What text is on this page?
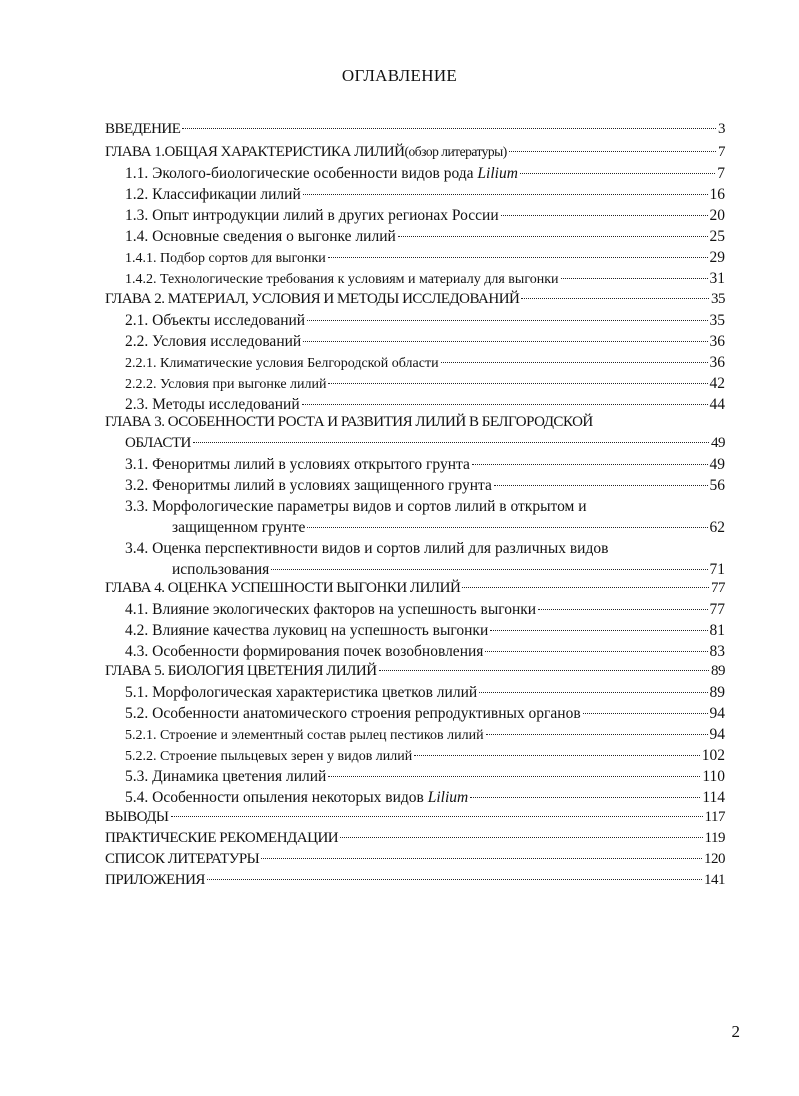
ОГЛАВЛЕНИЕ
ВВЕДЕНИЕ	3
ГЛАВА 1.ОБЩАЯ ХАРАКТЕРИСТИКА ЛИЛИЙ (обзор литературы)	7
1.1. Эколого-биологические особенности видов рода Lilium	7
1.2. Классификации лилий	16
1.3. Опыт интродукции лилий в других регионах России	20
1.4. Основные сведения о выгонке лилий	25
1.4.1. Подбор сортов для выгонки	29
1.4.2. Технологические требования к условиям и материалу для выгонки	31
ГЛАВА 2. МАТЕРИАЛ, УСЛОВИЯ И МЕТОДЫ ИССЛЕДОВАНИЙ	35
2.1. Объекты исследований	35
2.2. Условия исследований	36
2.2.1. Климатические условия Белгородской области	36
2.2.2. Условия при выгонке лилий	42
2.3. Методы исследований	44
ГЛАВА 3. ОСОБЕННОСТИ РОСТА И РАЗВИТИЯ ЛИЛИЙ В БЕЛГОРОДСКОЙ
ОБЛАСТИ	49
3.1. Феноритмы лилий в условиях открытого грунта	49
3.2. Феноритмы лилий в условиях защищенного грунта	56
3.3. Морфологические параметры видов и сортов лилий в открытом и
защищенном грунте	62
3.4. Оценка перспективности видов и сортов лилий для различных видов
использования	71
ГЛАВА 4. ОЦЕНКА УСПЕШНОСТИ ВЫГОНКИ ЛИЛИЙ	77
4.1. Влияние экологических факторов на успешность выгонки	77
4.2. Влияние качества луковиц на успешность выгонки	81
4.3. Особенности формирования почек возобновления	83
ГЛАВА 5. БИОЛОГИЯ ЦВЕТЕНИЯ ЛИЛИЙ	89
5.1. Морфологическая характеристика цветков лилий	89
5.2. Особенности анатомического строения репродуктивных органов	94
5.2.1. Строение и элементный состав рылец пестиков лилий	94
5.2.2. Строение пыльцевых зерен у видов лилий	102
5.3. Динамика цветения лилий	110
5.4. Особенности опыления некоторых видов Lilium	114
ВЫВОДЫ	117
ПРАКТИЧЕСКИЕ РЕКОМЕНДАЦИИ	119
СПИСОК ЛИТЕРАТУРЫ	120
ПРИЛОЖЕНИЯ	141
2
